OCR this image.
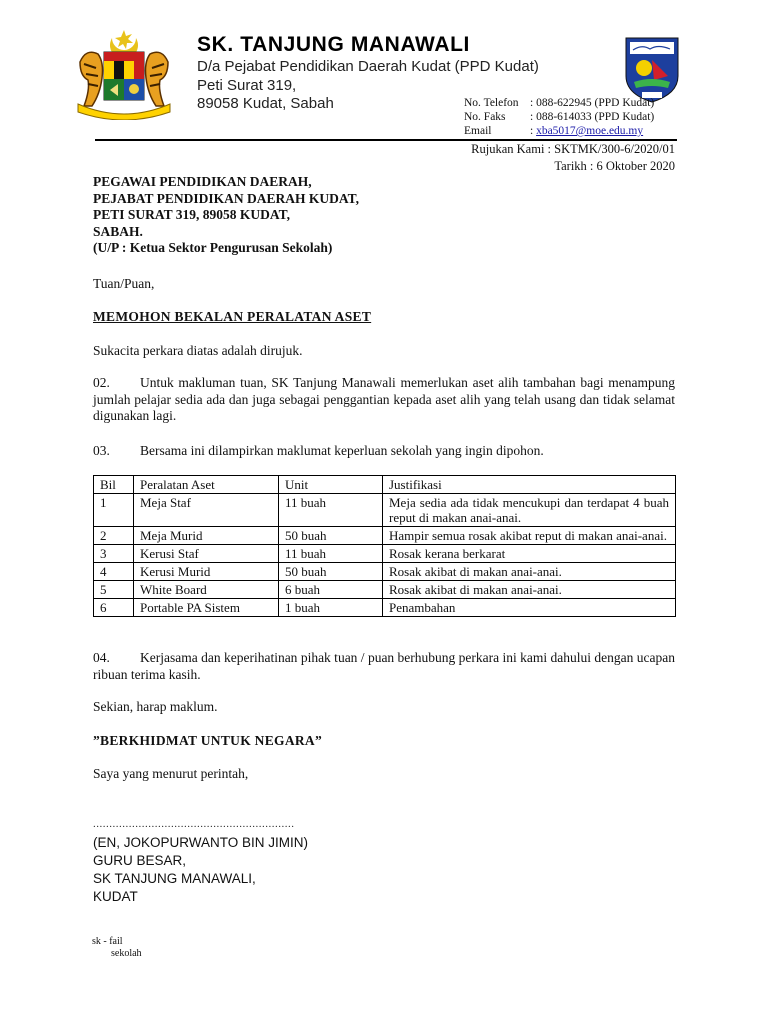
SK. TANJUNG MANAWALI
D/a Pejabat Pendidikan Daerah Kudat (PPD Kudat)
Peti Surat 319,
89058 Kudat, Sabah	No. Telefon : 088-622945 (PPD Kudat)
No. Faks : 088-614033 (PPD Kudat)
Email	: xba5017@moe.edu.my
Rujukan Kami : SKTMK/300-6/2020/01
Tarikh : 6 Oktober 2020
PEGAWAI PENDIDIKAN DAERAH,
PEJABAT PENDIDIKAN DAERAH KUDAT,
PETI SURAT 319, 89058 KUDAT,
SABAH.
(U/P : Ketua Sektor Pengurusan Sekolah)
Tuan/Puan,
MEMOHON BEKALAN PERALATAN ASET
Sukacita perkara diatas adalah dirujuk.
02. Untuk makluman tuan, SK Tanjung Manawali memerlukan aset alih tambahan bagi menampung jumlah pelajar sedia ada dan juga sebagai penggantian kepada aset alih yang telah usang dan tidak selamat digunakan lagi.
03. Bersama ini dilampirkan maklumat keperluan sekolah yang ingin dipohon.
Bil	Peralatan Aset	Unit	Justifikasi
1	Meja Staf	11 buah	Meja sedia ada tidak mencukupi dan terdapat 4 buah reput di makan anai-anai.
2	Meja Murid	50 buah	Hampir semua rosak akibat reput di makan anai-anai.
3	Kerusi Staf	11 buah	Rosak kerana berkarat
4	Kerusi Murid	50 buah	Rosak akibat di makan anai-anai.
5	White Board	6 buah	Rosak akibat di makan anai-anai.
6	Portable PA Sistem	1 buah	Penambahan
04. Kerjasama dan keperihatinan pihak tuan / puan berhubung perkara ini kami dahului dengan ucapan ribuan terima kasih.
Sekian, harap maklum.
”BERKHIDMAT UNTUK NEGARA”
Saya yang menurut perintah,
..............................................................
(EN, JOKOPURWANTO BIN JIMIN)
GURU BESAR,
SK TANJUNG MANAWALI,
KUDAT
sk - fail
sekolah
